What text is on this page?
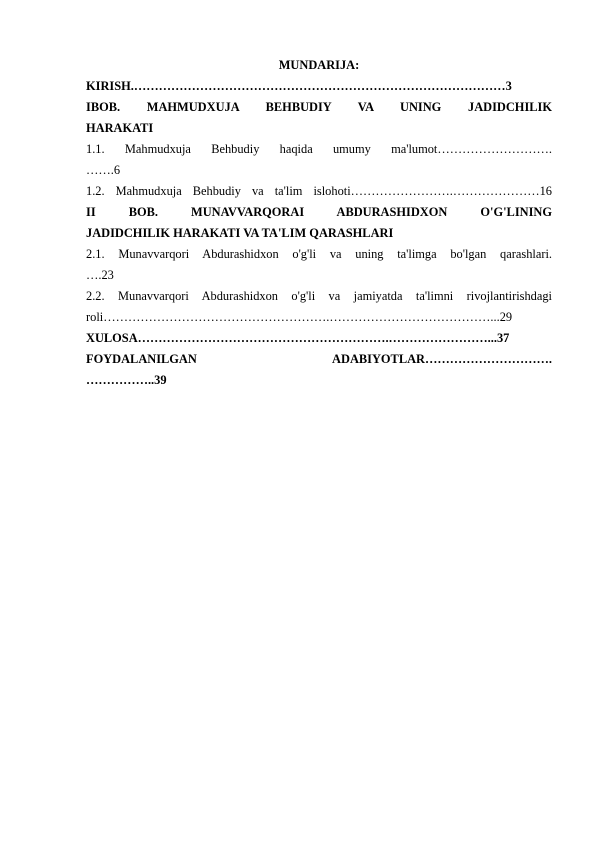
MUNDARIJA:
KIRISH.………………………………………………………………………………3
IBOB. MAHMUDXUJA BEHBUDIY VA UNING JADIDCHILIK
HARAKATI
1.1. Mahmudxuja Behbudiy haqida umumy ma'lumot……………………….
…….6
1.2. Mahmudxuja Behbudiy va ta'lim islohoti…………………….…………………16
II BOB. MUNAVVARQORAI ABDURASHIDXON O'G'LINING
JADIDCHILIK HARAKATI VA TA'LIM QARASHLARI
2.1. Munavvarqori Abdurashidxon o'g'li va uning ta'limga bo'lgan qarashlari.
….23
2.2. Munavvarqori Abdurashidxon o'g'li va jamiyatda ta'limni rivojlantirishdagi
roli……………………………………………….…………………………………...29
XULOSA…………………………………………………….……………………...37
FOYDALANILGAN ADABIYOTLAR………………………….
……………..39
